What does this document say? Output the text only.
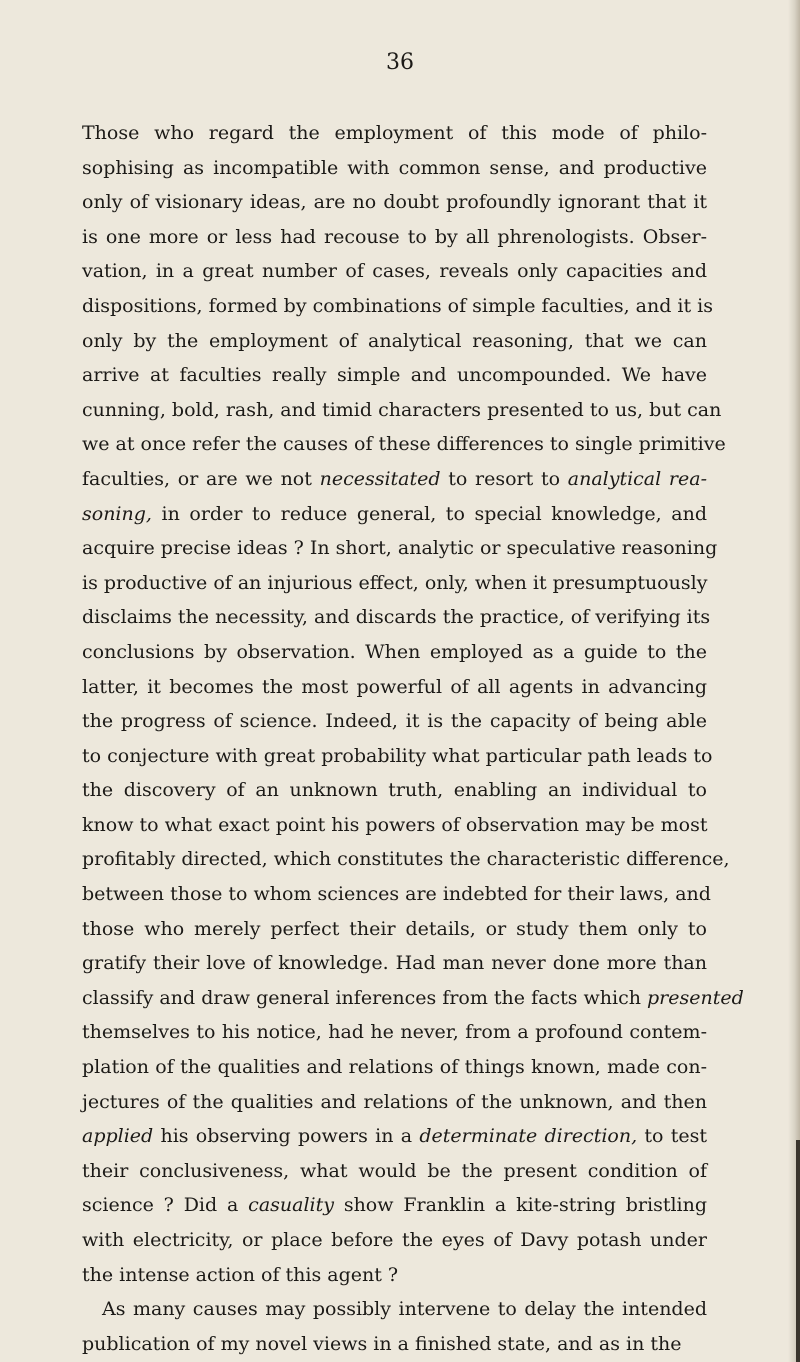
36
Those who regard the employment of this mode of philo-
sophising as incompatible with common sense, and productive
only of visionary ideas, are no doubt profoundly ignorant that it
is one more or less had recouse to by all phrenologists. Obser-
vation, in a great number of cases, reveals only capacities and
dispositions, formed by combinations of simple faculties, and it is
only by the employment of analytical reasoning, that we can
arrive at faculties really simple and uncompounded. We have
cunning, bold, rash, and timid characters presented to us, but can
we at once refer the causes of these differences to single primitive
faculties, or are we not necessitated to resort to analytical rea-
soning, in order to reduce general, to special knowledge, and
acquire precise ideas ? In short, analytic or speculative reasoning
is productive of an injurious effect, only, when it presumptuously
disclaims the necessity, and discards the practice, of verifying its
conclusions by observation. When employed as a guide to the
latter, it becomes the most powerful of all agents in advancing
the progress of science. Indeed, it is the capacity of being able
to conjecture with great probability what particular path leads to
the discovery of an unknown truth, enabling an individual to
know to what exact point his powers of observation may be most
profitably directed, which constitutes the characteristic difference,
between those to whom sciences are indebted for their laws, and
those who merely perfect their details, or study them only to
gratify their love of knowledge. Had man never done more than
classify and draw general inferences from the facts which presented
themselves to his notice, had he never, from a profound contem-
plation of the qualities and relations of things known, made con-
jectures of the qualities and relations of the unknown, and then
applied his observing powers in a determinate direction, to test
their conclusiveness, what would be the present condition of
science ? Did a casuality show Franklin a kite-string bristling
with electricity, or place before the eyes of Davy potash under
the intense action of this agent ?
As many causes may possibly intervene to delay the intended
publication of my novel views in a finished state, and as in the
